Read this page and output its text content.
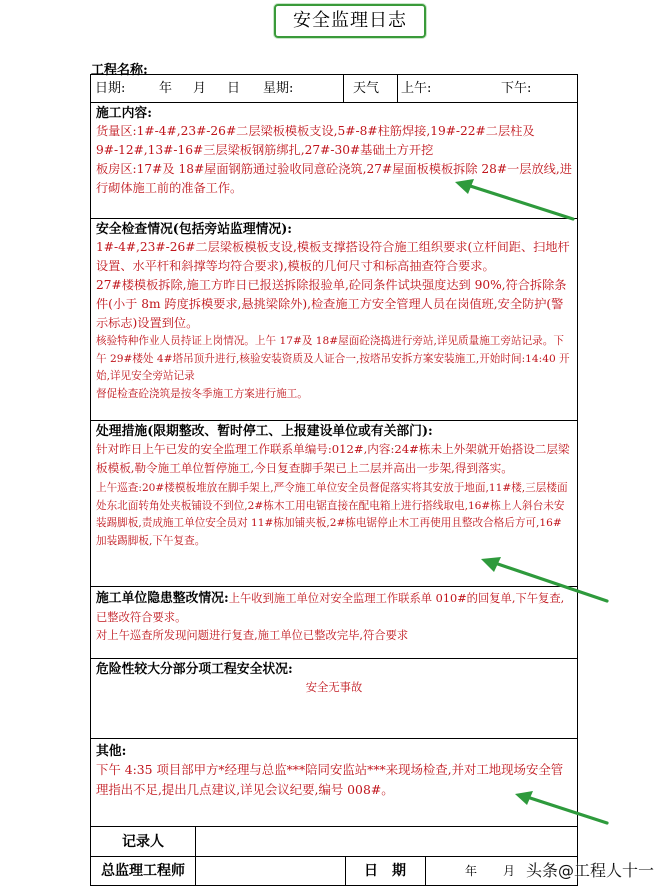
安全监理日志
工程名称:
日期:	年 月 日 星期:	天气 上午:	下午:
施工内容:

货量区:1#-4#,23#-26#二层梁板模板支设,5#-8#柱筋焊接,19#-22#二层柱及9#-12#,13#-16#三层梁板钢筋绑扎,27#-30#基础土方开挖

板房区:17#及 18#屋面钢筋通过验收同意砼浇筑,27#屋面板模板拆除 28#一层放线,进行砌体施工前的准备工作。

安全检查情况(包括旁站监理情况):

1#-4#,23#-26#二层梁板模板支设,模板支撑搭设符合施工组织要求(立杆间距、扫地杆设置、水平杆和斜撑等均符合要求),模板的几何尺寸和标高抽查符合要求。

27#楼模板拆除,施工方昨日已报送拆除报验单,砼同条件试块强度达到 90%,符合拆除条件(小于 8m 跨度拆模要求,悬挑梁除外),检查施工方安全管理人员在岗值班,安全防护(警示标志)设置到位。

核验特种作业人员持证上岗情况。上午 17#及 18#屋面砼浇捣进行旁站,详见质量施工旁站记录。下午 29#楼处 4#塔吊顶升进行,核验安装资质及人证合一,按塔吊安拆方案安装施工,开始时间:14:40 开始,详见安全旁站记录

督促检查砼浇筑是按冬季施工方案进行施工。

处理措施(限期整改、暂时停工、上报建设单位或有关部门):

针对昨日上午已发的安全监理工作联系单编号:012#,内容:24#栋未上外架就开始搭设二层梁板模板,勒令施工单位暂停施工,今日复查脚手架已上二层并高出一步架,得到落实。

上午巡查:20#楼模板堆放在脚手架上,严令施工单位安全员督促落实将其安放于地面,11#楼,三层楼面处东北面转角处夹板铺设不到位,2#栋木工用电锯直接在配电箱上进行搭线取电,16#栋上人斜台未安装踢脚板,责成施工单位安全员对 11#栋加铺夹板,2#栋电锯停止木工再使用且整改合格后方可,16#加装踢脚板,下午复查。

施工单位隐患整改情况:上午收到施工单位对安全监理工作联系单 010#的回复单,下午复查,已整改符合要求。

对上午巡查所发现问题进行复查,施工单位已整改完毕,符合要求

危险性较大分部分项工程安全状况:

安全无事故

其他:

下午 4:35 项目部甲方*经理与总监***陪同安监站***来现场检查,并对工地现场安全管理指出不足,提出几点建议,详见会议纪要,编号 008#。

记录人
总监理工程师	日　期	年 月 头条@工程人十一
